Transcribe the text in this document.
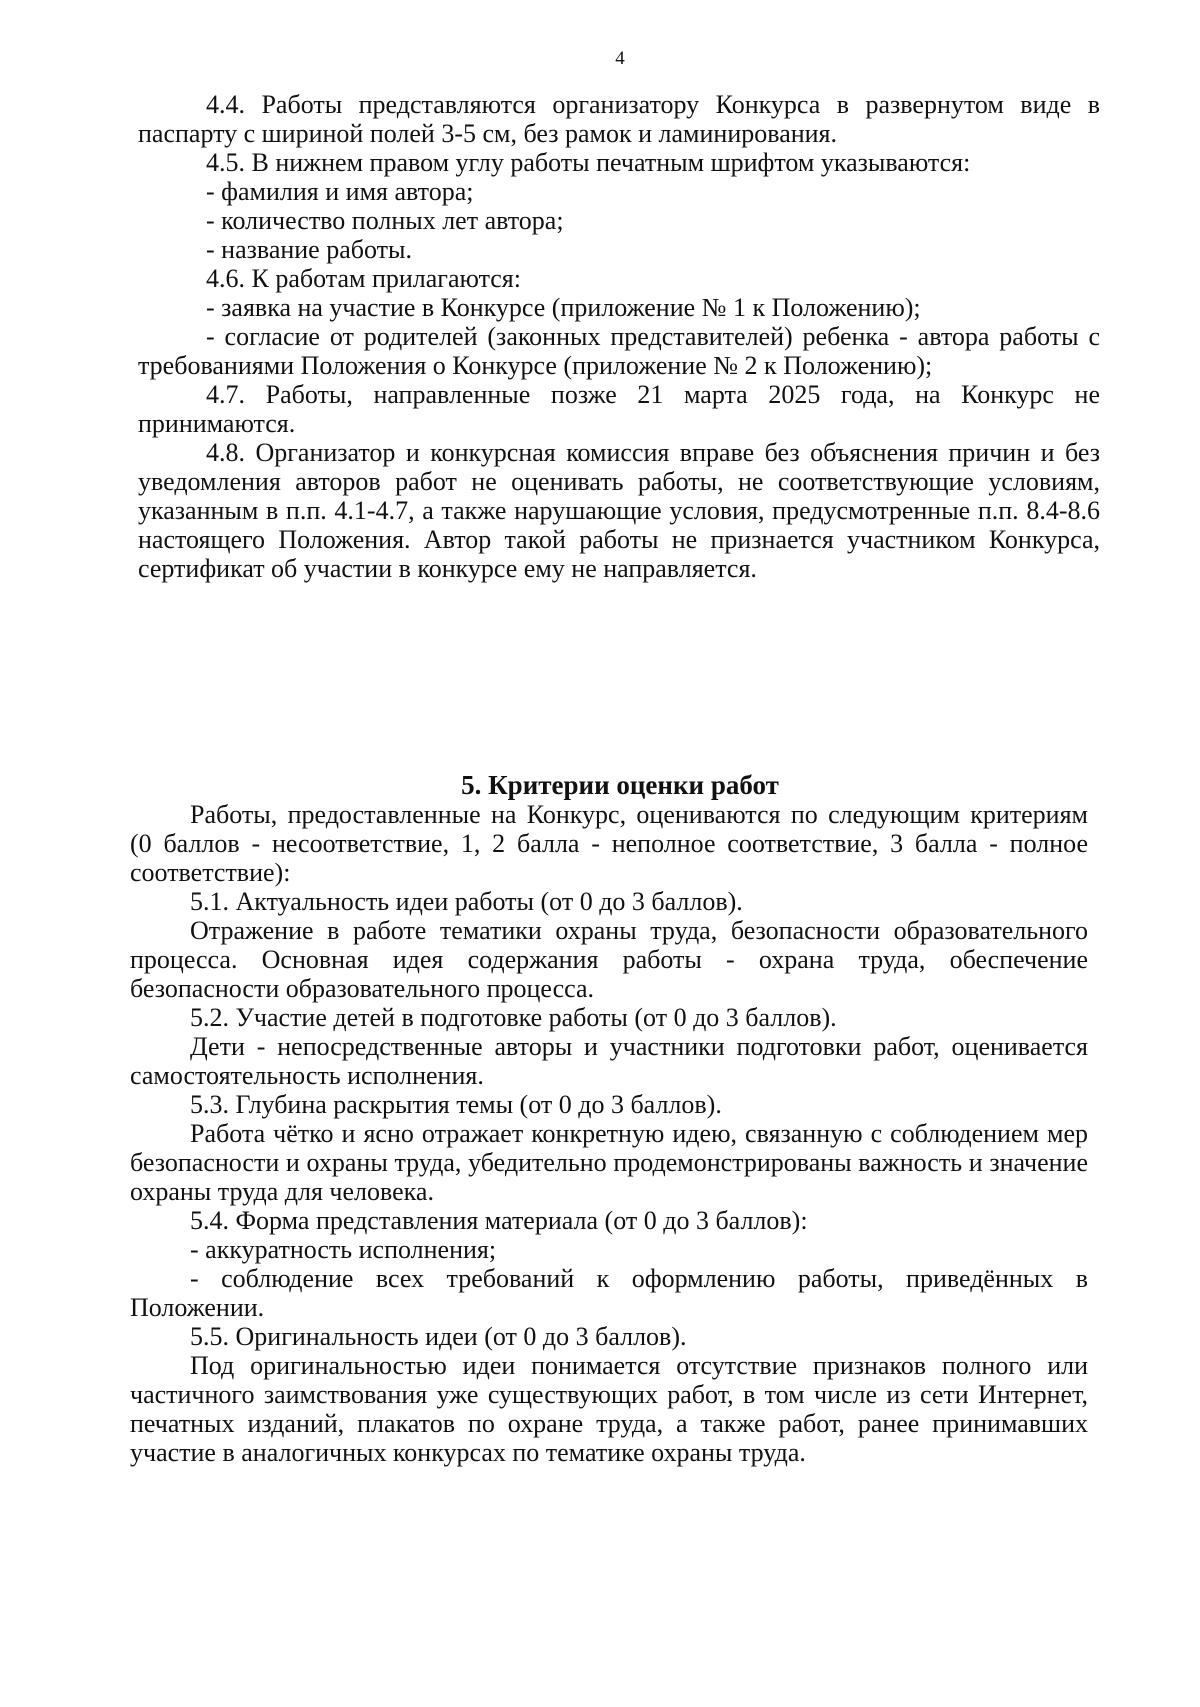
4

4.4. Работы представляются организатору Конкурса в развернутом виде в паспарту с шириной полей 3-5 см, без рамок и ламинирования.

4.5. В нижнем правом углу работы печатным шрифтом указываются:

- фамилия и имя автора;

- количество полных лет автора;

- название работы.

4.6. К работам прилагаются:

- заявка на участие в Конкурсе (приложение № 1 к Положению);

- согласие от родителей (законных представителей) ребенка - автора работы с требованиями Положения о Конкурсе (приложение № 2 к Положению);

4.7. Работы, направленные позже 21 марта 2025 года, на Конкурс не принимаются.

4.8. Организатор и конкурсная комиссия вправе без объяснения причин и без уведомления авторов работ не оценивать работы, не соответствующие условиям, указанным в п.п. 4.1-4.7, а также нарушающие условия, предусмотренные п.п. 8.4-8.6 настоящего Положения. Автор такой работы не признается участником Конкурса, сертификат об участии в конкурсе ему не направляется.

5. Критерии оценки работ

Работы, предоставленные на Конкурс, оцениваются по следующим критериям (0 баллов - несоответствие, 1, 2 балла - неполное соответствие, 3 балла - полное соответствие):

5.1. Актуальность идеи работы (от 0 до 3 баллов).

Отражение в работе тематики охраны труда, безопасности образовательного процесса. Основная идея содержания работы - охрана труда, обеспечение безопасности образовательного процесса.

5.2. Участие детей в подготовке работы (от 0 до 3 баллов).

Дети - непосредственные авторы и участники подготовки работ, оценивается самостоятельность исполнения.

5.3. Глубина раскрытия темы (от 0 до 3 баллов).

Работа чётко и ясно отражает конкретную идею, связанную с соблюдением мер безопасности и охраны труда, убедительно продемонстрированы важность и значение охраны труда для человека.

5.4. Форма представления материала (от 0 до 3 баллов):

- аккуратность исполнения;

- соблюдение всех требований к оформлению работы, приведённых в Положении.

5.5. Оригинальность идеи (от 0 до 3 баллов).

Под оригинальностью идеи понимается отсутствие признаков полного или частичного заимствования уже существующих работ, в том числе из сети Интернет, печатных изданий, плакатов по охране труда, а также работ, ранее принимавших участие в аналогичных конкурсах по тематике охраны труда.
